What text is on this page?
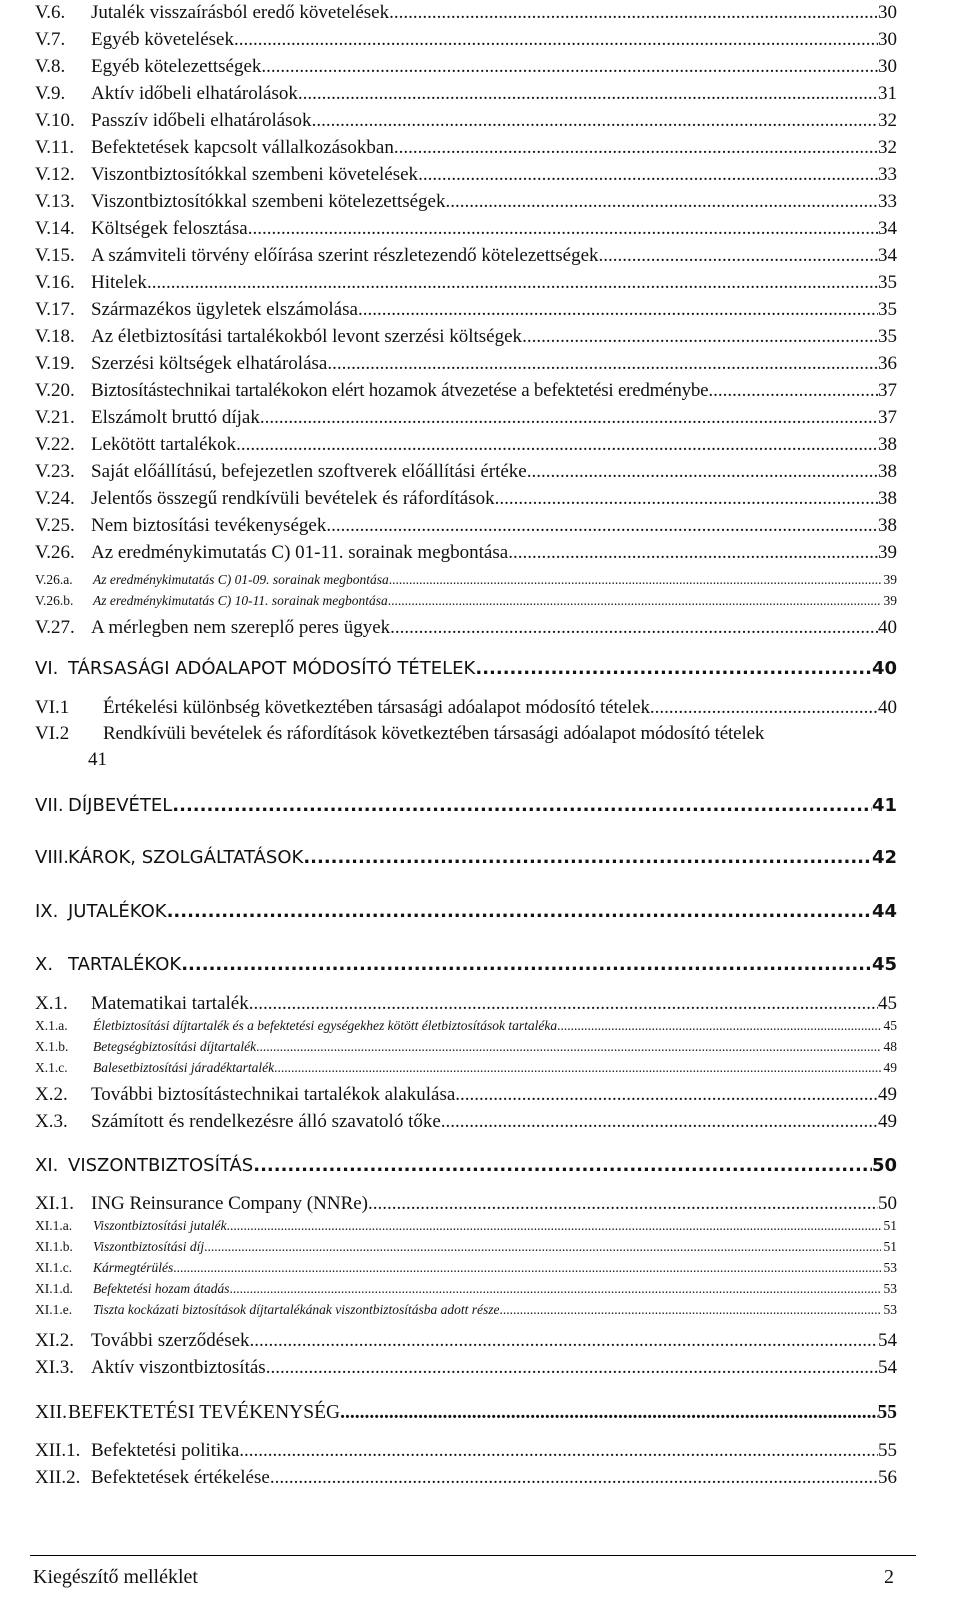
V.6.	Jutalék visszaírásból eredő követelések .....	30
V.7.	Egyéb követelések .....	30
V.8.	Egyéb kötelezettségek .....	30
V.9.	Aktív időbeli elhatárolások .....	31
V.10. Passzív időbeli elhatárolások .....	32
V.11. Befektetések kapcsolt vállalkozásokban .....	32
V.12. Viszontbiztosítókkal szembeni követelések .....	33
V.13. Viszontbiztosítókkal szembeni kötelezettségek .....	33
V.14. Költségek felosztása .....	34
V.15. A számviteli törvény előírása szerint részletezendő kötelezettségek .....	34
V.16. Hitelek .....	35
V.17. Származékos ügyletek elszámolása .....	35
V.18. Az életbiztosítási tartalékokból levont szerzési költségek .....	35
V.19. Szerzési költségek elhatárolása .....	36
V.20. Biztosítástechnikai tartalékokon elért hozamok átvezetése a befektetési eredménybe .....	37
V.21. Elszámolt bruttó díjak .....	37
V.22. Lekötött tartalékok .....	38
V.23. Saját előállítású, befejezetlen szoftverek előállítási értéke .....	38
V.24. Jelentős összegű rendkívüli bevételek és ráfordítások .....	38
V.25. Nem biztosítási tevékenységek .....	38
V.26. Az eredménykimutatás C) 01-11. sorainak megbontása .....	39
V.26.a.	Az eredménykimutatás C) 01-09. sorainak megbontása .....	39
V.26.b.	Az eredménykimutatás C) 10-11. sorainak megbontása .....	39
V.27. A mérlegben nem szereplő peres ügyek .....	40
VI. TÁRSASÁGI ADÓALAPOT MÓDOSÍTÓ TÉTELEK .....	40
VI.1	Értékelési különbség következtében társasági adóalapot módosító tételek .....	40
VI.2	Rendkívüli bevételek és ráfordítások következtében társasági adóalapot módosító tételek
41
VII. DÍJBEVÉTEL .....	41
VIII. KÁROK, SZOLGÁLTATÁSOK .....	42
IX. JUTALÉKOK .....	44
X. TARTALÉKOK .....	45
X.1.	Matematikai tartalék .....	45
X.1.a.	Életbiztosítási díjtartalék és a befektetési egységekhez kötött életbiztosítások tartaléka .....	45
X.1.b.	Betegségbiztosítási díjtartalék .....	48
X.1.c.	Balesetbiztosítási járadéktartalék .....	49
X.2.	További biztosítástechnikai tartalékok alakulása .....	49
X.3.	Számított és rendelkezésre álló szavatoló tőke .....	49
XI. VISZONTBIZTOSÍTÁS .....	50
XI.1. ING Reinsurance Company (NNRe) .....	50
XI.1.a.	Viszontbiztosítási jutalék .....	51
XI.1.b.	Viszontbiztosítási díj .....	51
XI.1.c.	Kármegtérülés .....	53
XI.1.d.	Befektetési hozam átadás .....	53
XI.1.e.	Tiszta kockázati biztosítások díjtartalékának viszontbiztosításba adott része .....	53
XI.2. További szerződések .....	54
XI.3. Aktív viszontbiztosítás .....	54
XII. BEFEKTETÉSI TEVÉKENYSÉG .....	55
XII.1. Befektetési politika .....	55
XII.2. Befektetések értékelése .....	56
Kiegészítő melléklet	2
